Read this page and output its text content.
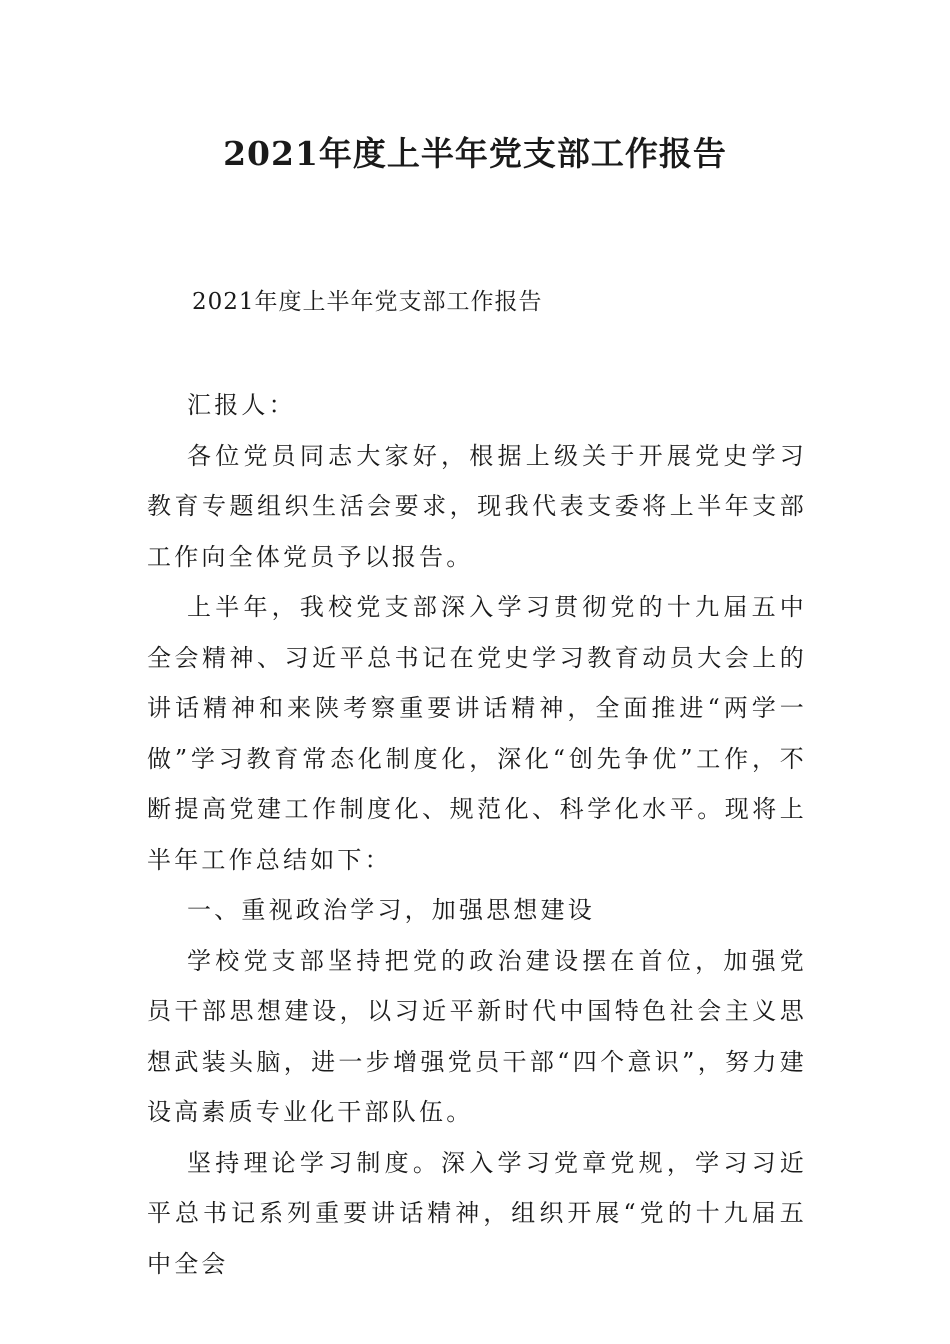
2021年度上半年党支部工作报告

2021年度上半年党支部工作报告

汇报人：

各位党员同志大家好，根据上级关于开展党史学习教育专题组织生活会要求，现我代表支委将上半年支部工作向全体党员予以报告。

上半年，我校党支部深入学习贯彻党的十九届五中全会精神、习近平总书记在党史学习教育动员大会上的讲话精神和来陕考察重要讲话精神，全面推进“两学一做”学习教育常态化制度化，深化“创先争优”工作，不断提高党建工作制度化、规范化、科学化水平。现将上半年工作总结如下：

一、重视政治学习，加强思想建设

学校党支部坚持把党的政治建设摆在首位，加强党员干部思想建设，以习近平新时代中国特色社会主义思想武装头脑，进一步增强党员干部“四个意识”，努力建设高素质专业化干部队伍。

坚持理论学习制度。深入学习党章党规，学习习近平总书记系列重要讲话精神，组织开展“党的十九届五中全会
